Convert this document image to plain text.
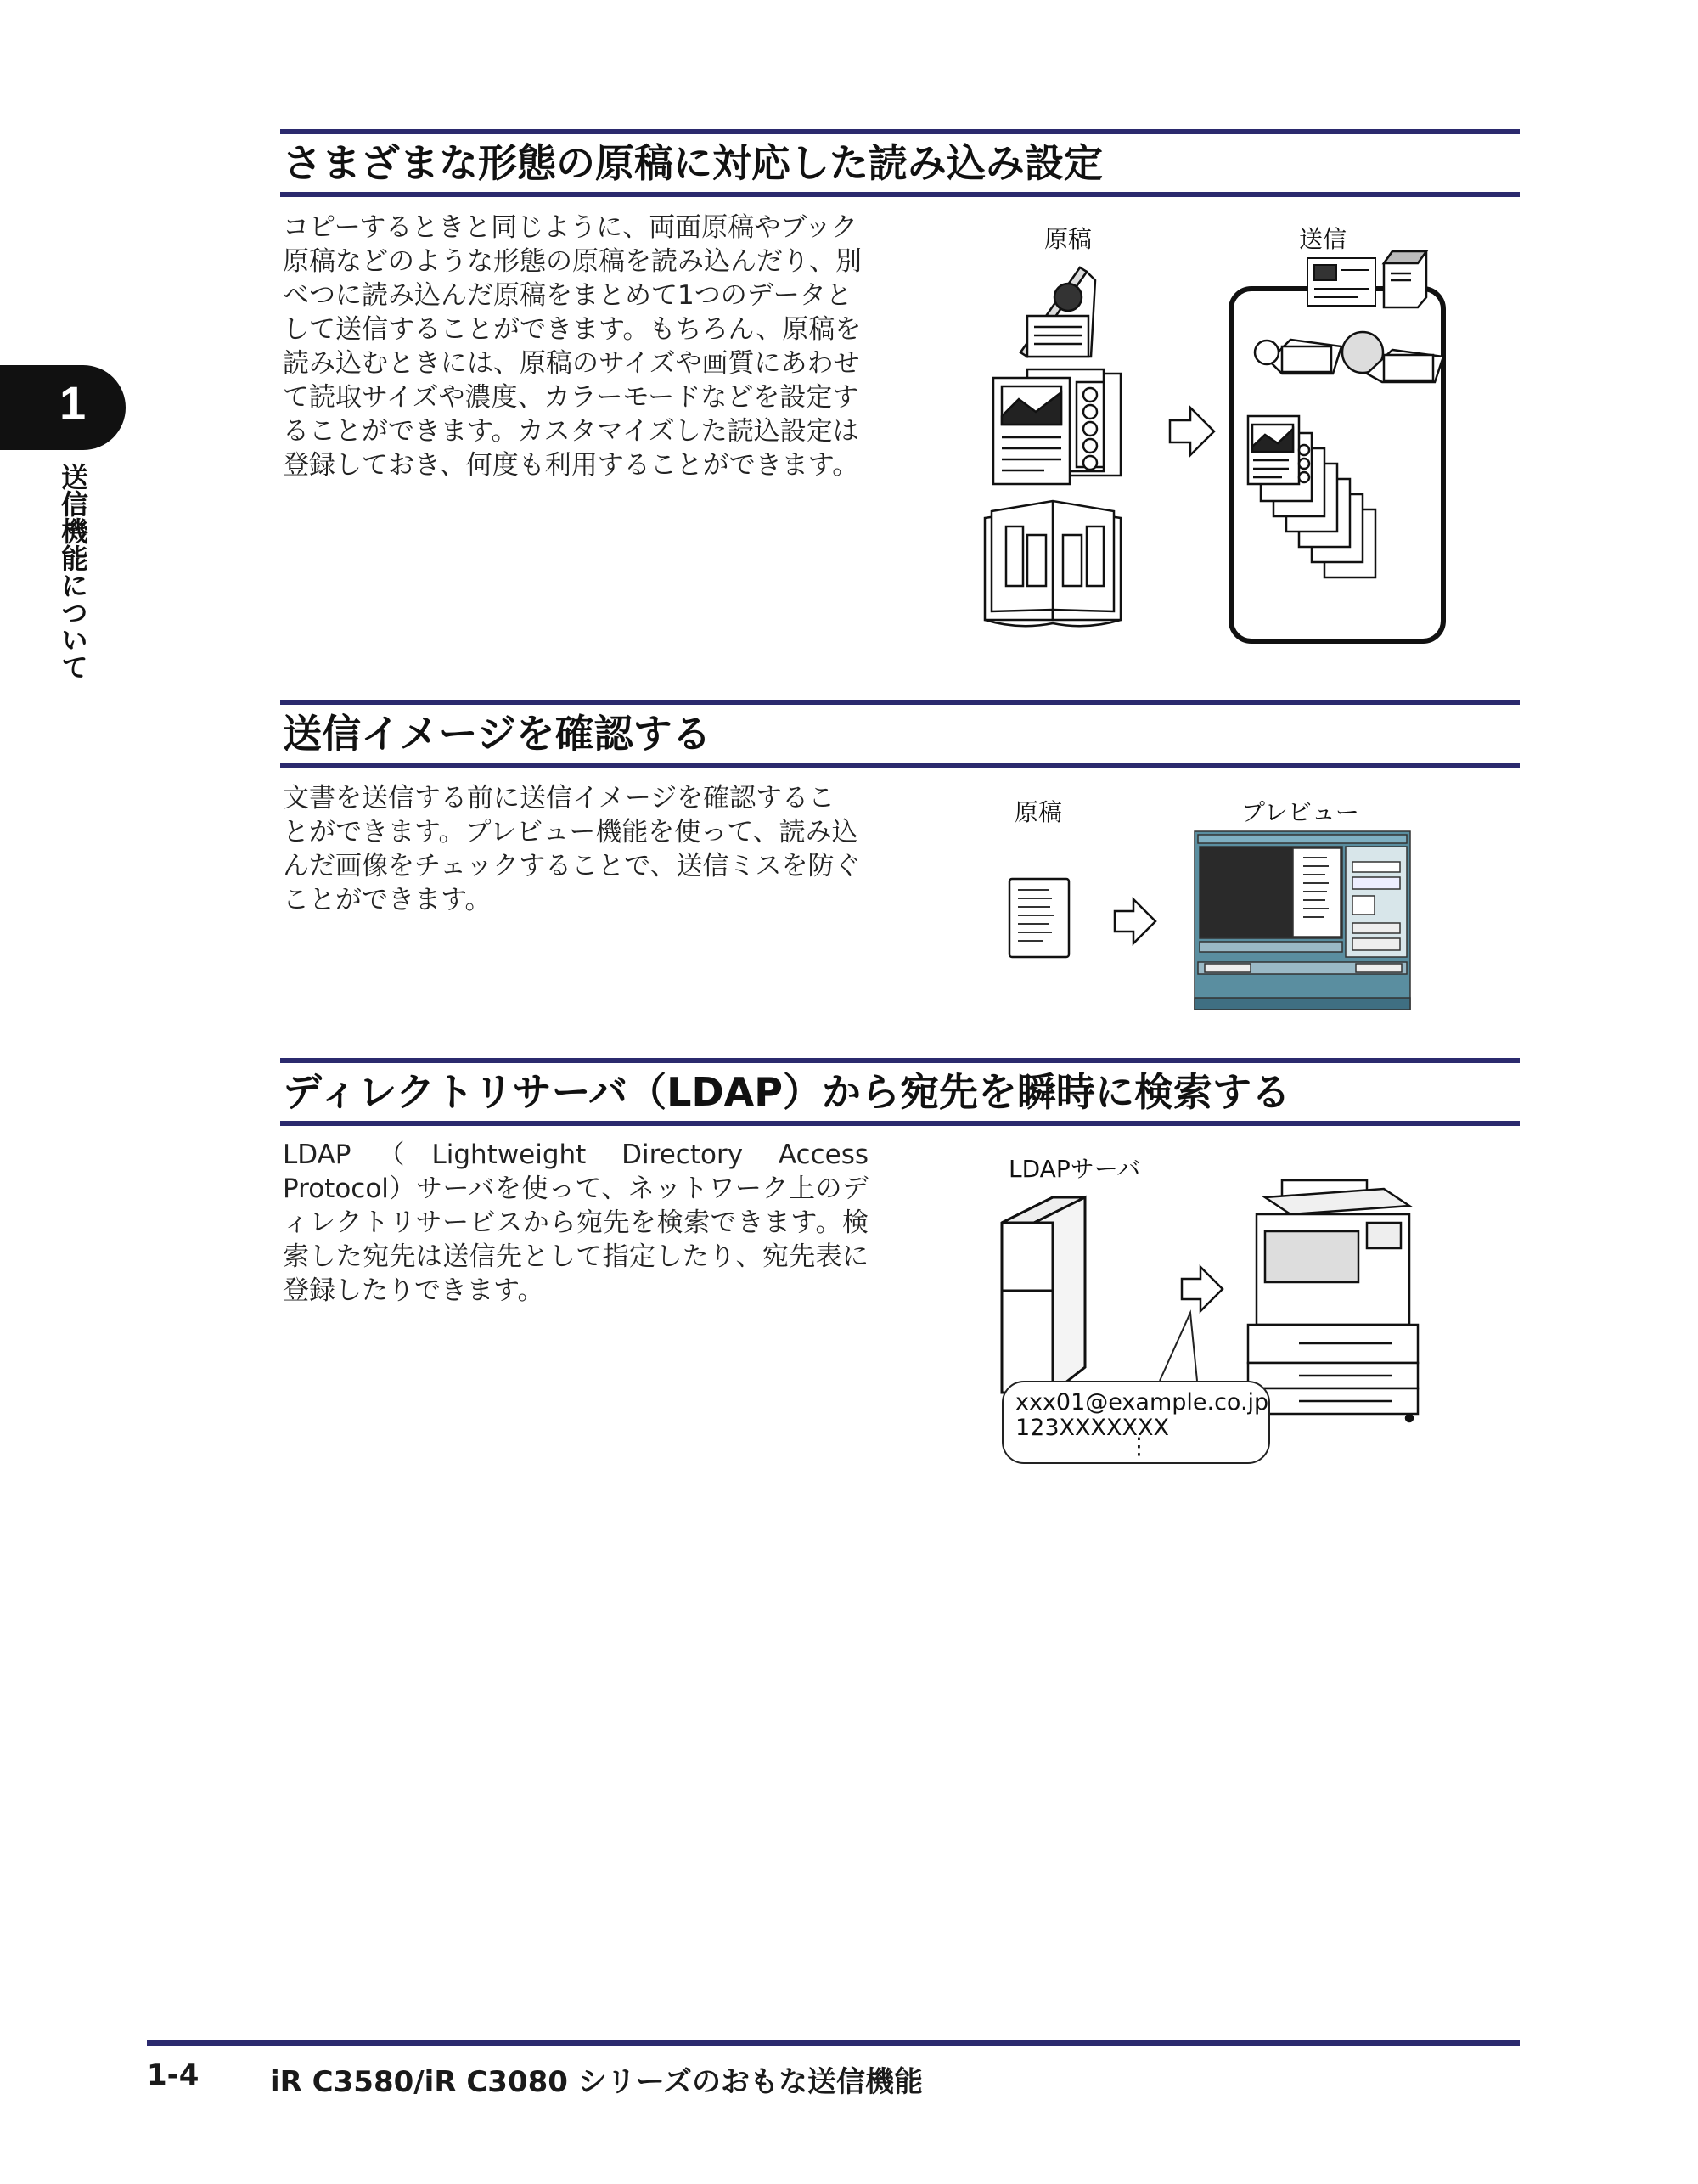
1
送信機能について
さまざまな形態の原稿に対応した読み込み設定
コピーするときと同じように、両面原稿やブック
原稿などのような形態の原稿を読み込んだり、別
べつに読み込んだ原稿をまとめて1つのデータと
して送信することができます。もちろん、原稿を
読み込むときには、原稿のサイズや画質にあわせ
て読取サイズや濃度、カラーモードなどを設定す
ることができます。カスタマイズした読込設定は
登録しておき、何度も利用することができます。
原稿	送信
送信イメージを確認する
文書を送信する前に送信イメージを確認するこ
とができます。プレビュー機能を使って、読み込
んだ画像をチェックすることで、送信ミスを防ぐ
ことができます。
原稿	プレビュー
ディレクトリサーバ（LDAP）から宛先を瞬時に検索する
LDAP（Lightweight Directory Access Protocol）サーバを使って、ネットワーク上のディレクトリサービスから宛先を検索できます。検索した宛先は送信先として指定したり、宛先表に登録したりできます。
LDAPサーバ
xxx01@example.co.jp
123XXXXXXX
⋮
1-4 iR C3580/iR C3080 シリーズのおもな送信機能
